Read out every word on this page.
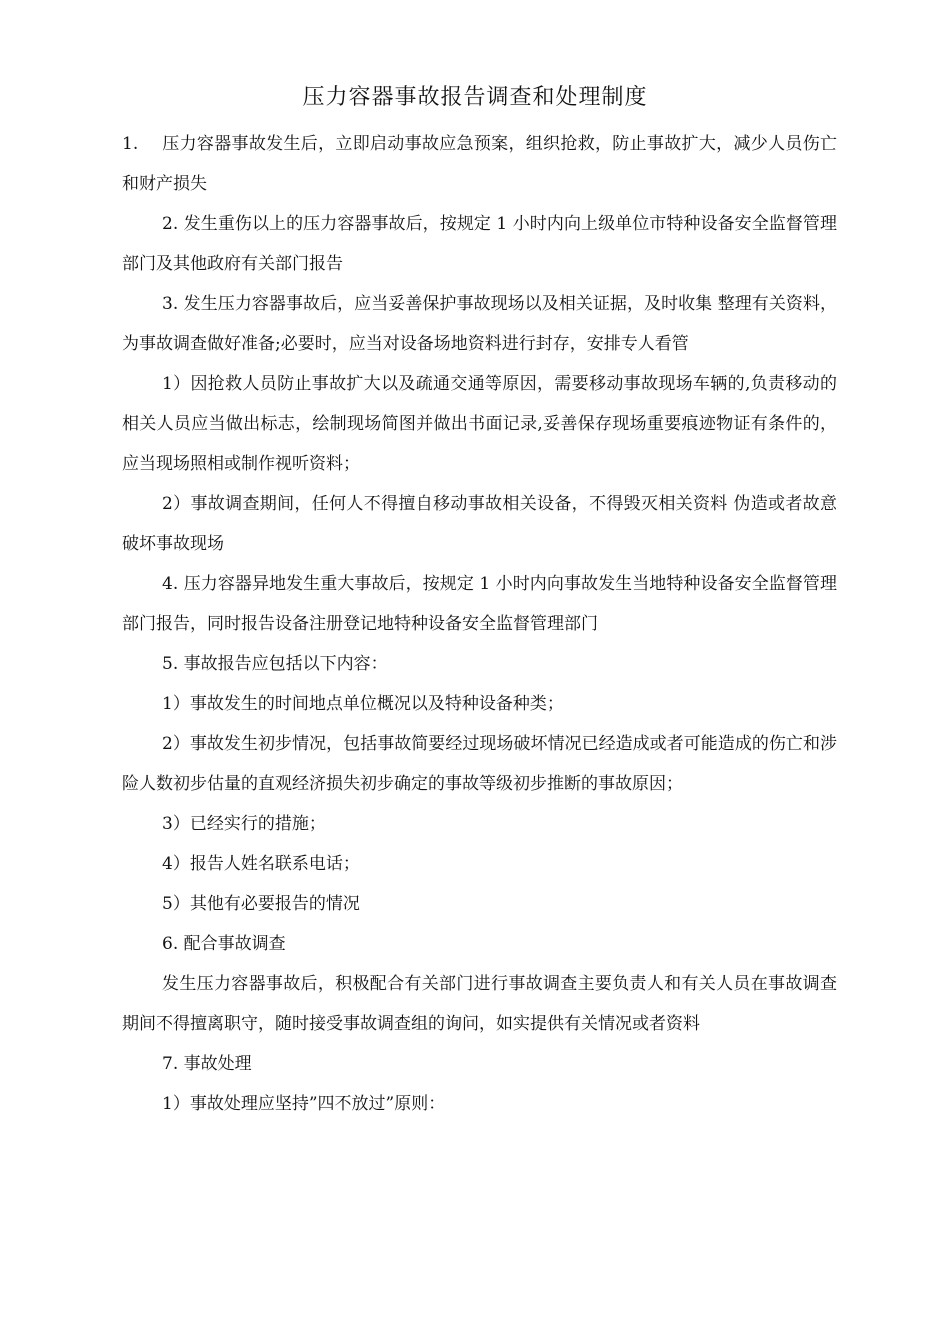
压力容器事故报告调查和处理制度

1. 压力容器事故发生后，立即启动事故应急预案，组织抢救，防止事故扩大，减少人员伤亡和财产损失

2. 发生重伤以上的压力容器事故后，按规定 1 小时内向上级单位市特种设备安全监督管理部门及其他政府有关部门报告

3. 发生压力容器事故后，应当妥善保护事故现场以及相关证据，及时收集 整理有关资料，为事故调查做好准备;必要时，应当对设备场地资料进行封存，安排专人看管

1）因抢救人员防止事故扩大以及疏通交通等原因，需要移动事故现场车辆的,负责移动的相关人员应当做出标志，绘制现场简图并做出书面记录,妥善保存现场重要痕迹物证有条件的，应当现场照相或制作视听资料；

2）事故调查期间，任何人不得擅自移动事故相关设备，不得毁灭相关资料 伪造或者故意破坏事故现场

4. 压力容器异地发生重大事故后，按规定 1 小时内向事故发生当地特种设备安全监督管理部门报告，同时报告设备注册登记地特种设备安全监督管理部门

5. 事故报告应包括以下内容：

1）事故发生的时间地点单位概况以及特种设备种类；

2）事故发生初步情况，包括事故简要经过现场破坏情况已经造成或者可能造成的伤亡和涉险人数初步估量的直观经济损失初步确定的事故等级初步推断的事故原因；

3）已经实行的措施；

4）报告人姓名联系电话；

5）其他有必要报告的情况

6. 配合事故调查

发生压力容器事故后，积极配合有关部门进行事故调查主要负责人和有关人员在事故调查期间不得擅离职守，随时接受事故调查组的询问，如实提供有关情况或者资料

7. 事故处理

1）事故处理应坚持”四不放过”原则：
